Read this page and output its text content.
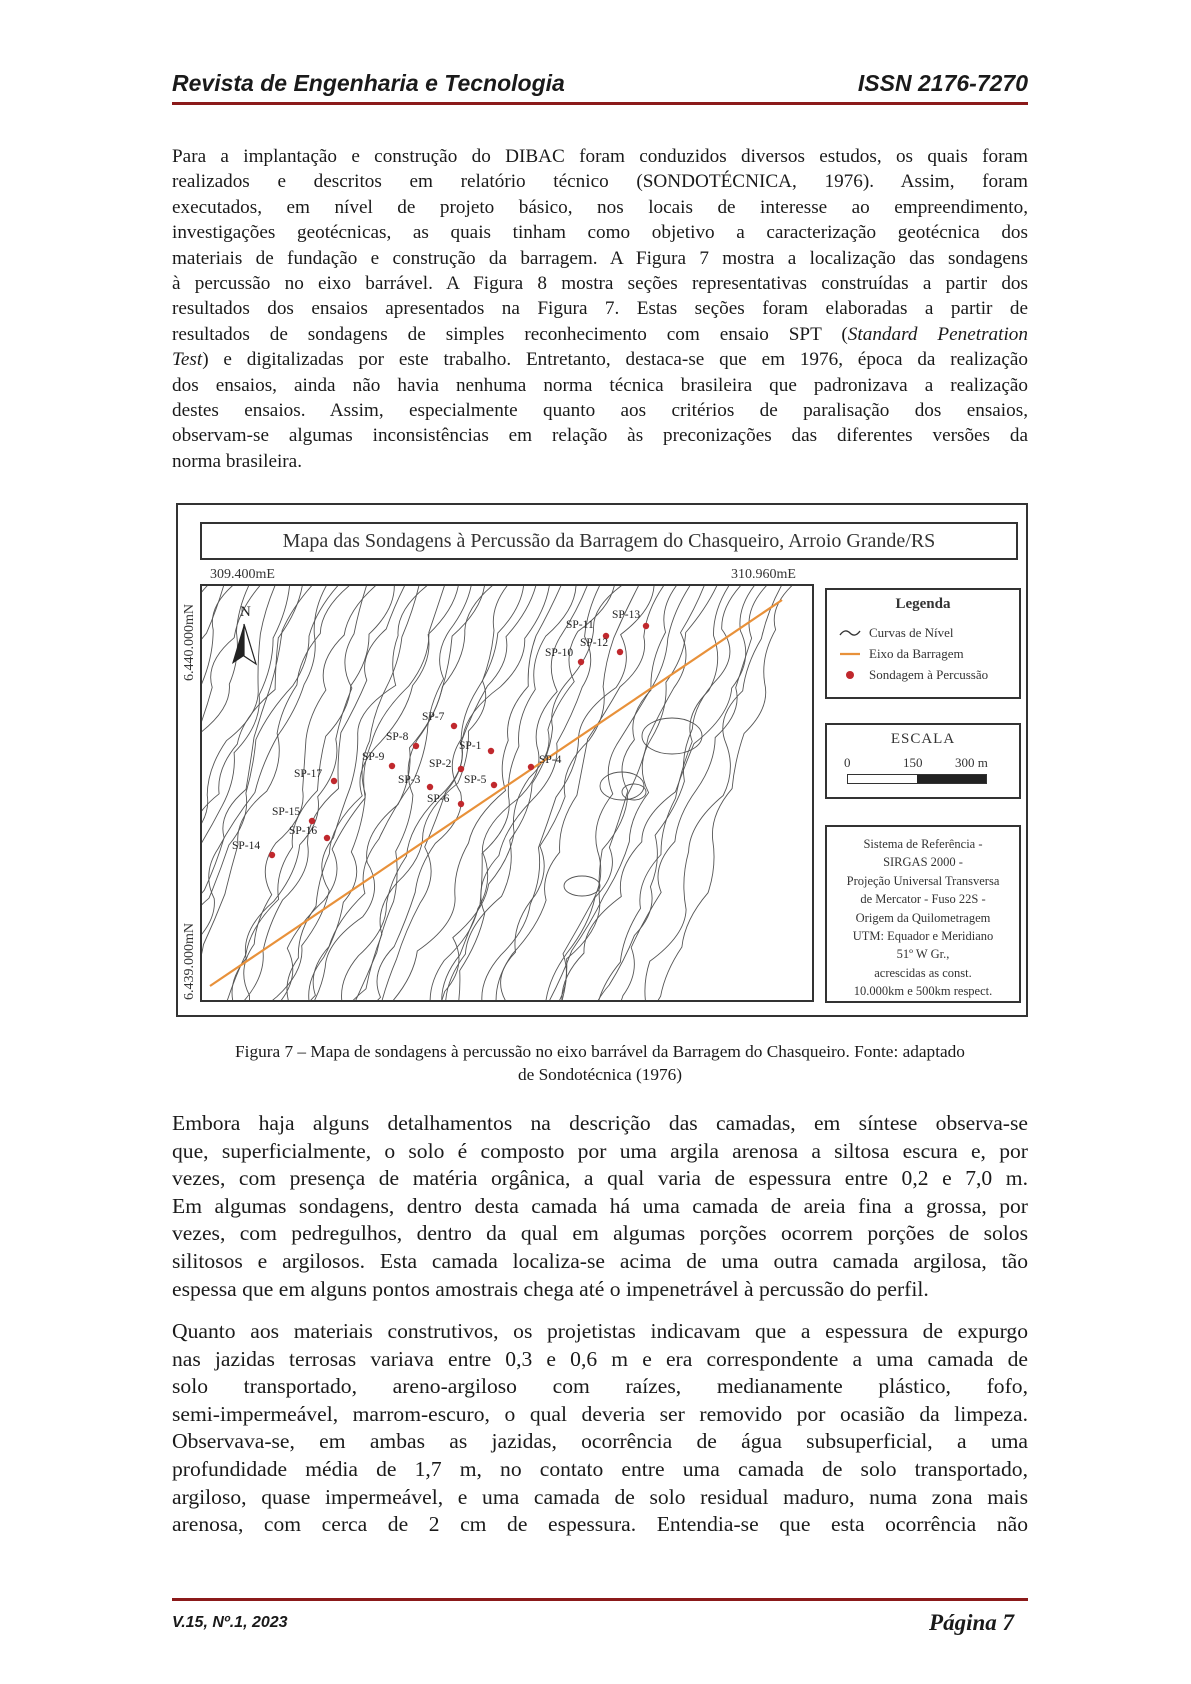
Revista de Engenharia e Tecnologia	ISSN 2176-7270
Para a implantação e construção do DIBAC foram conduzidos diversos estudos, os quais foram
realizados e descritos em relatório técnico (SONDOTÉCNICA, 1976). Assim, foram
executados, em nível de projeto básico, nos locais de interesse ao empreendimento,
investigações geotécnicas, as quais tinham como objetivo a caracterização geotécnica dos
materiais de fundação e construção da barragem. A Figura 7 mostra a localização das sondagens
à percussão no eixo barrável. A Figura 8 mostra seções representativas construídas a partir dos
resultados dos ensaios apresentados na Figura 7. Estas seções foram elaboradas a partir de
resultados de sondagens de simples reconhecimento com ensaio SPT (Standard Penetration
Test) e digitalizadas por este trabalho. Entretanto, destaca-se que em 1976, época da realização
dos ensaios, ainda não havia nenhuma norma técnica brasileira que padronizava a realização
destes ensaios. Assim, especialmente quanto aos critérios de paralisação dos ensaios,
observam-se algumas inconsistências em relação às preconizações das diferentes versões da
norma brasileira.
Mapa das Sondagens à Percussão da Barragem do Chasqueiro, Arroio Grande/RS
309.400mE	310.960mE
6.440.000mN
6.439.000mN
N
SP-1
SP-2
SP-3
SP-4
SP-5
SP-6
SP-7
SP-8
SP-9
SP-10
SP-11
SP-12
SP-13
SP-14
SP-15
SP-16
SP-17
Legenda
Curvas de Nível
Eixo da Barragem
Sondagem à Percussão
ESCALA
0	150	300 m
Sistema de Referência -
SIRGAS 2000 -
Projeção Universal Transversa
de Mercator - Fuso 22S -
Origem da Quilometragem
UTM: Equador e Meridiano
51º W Gr.,
acrescidas as const.
10.000km e 500km respect.
Figura 7 – Mapa de sondagens à percussão no eixo barrável da Barragem do Chasqueiro. Fonte: adaptado
de Sondotécnica (1976)
Embora haja alguns detalhamentos na descrição das camadas, em síntese observa-se
que, superficialmente, o solo é composto por uma argila arenosa a siltosa escura e, por
vezes, com presença de matéria orgânica, a qual varia de espessura entre 0,2 e 7,0 m.
Em algumas sondagens, dentro desta camada há uma camada de areia fina a grossa, por
vezes, com pedregulhos, dentro da qual em algumas porções ocorrem porções de solos
silitosos e argilosos. Esta camada localiza-se acima de uma outra camada argilosa, tão
espessa que em alguns pontos amostrais chega até o impenetrável à percussão do perfil.
Quanto aos materiais construtivos, os projetistas indicavam que a espessura de expurgo
nas jazidas terrosas variava entre 0,3 e 0,6 m e era correspondente a uma camada de
solo transportado, areno-argiloso com raízes, medianamente plástico, fofo,
semi-impermeável, marrom-escuro, o qual deveria ser removido por ocasião da limpeza.
Observava-se, em ambas as jazidas, ocorrência de água subsuperficial, a uma
profundidade média de 1,7 m, no contato entre uma camada de solo transportado,
argiloso, quase impermeável, e uma camada de solo residual maduro, numa zona mais
arenosa, com cerca de 2 cm de espessura. Entendia-se que esta ocorrência não
V.15, Nº.1, 2023	Página 7
